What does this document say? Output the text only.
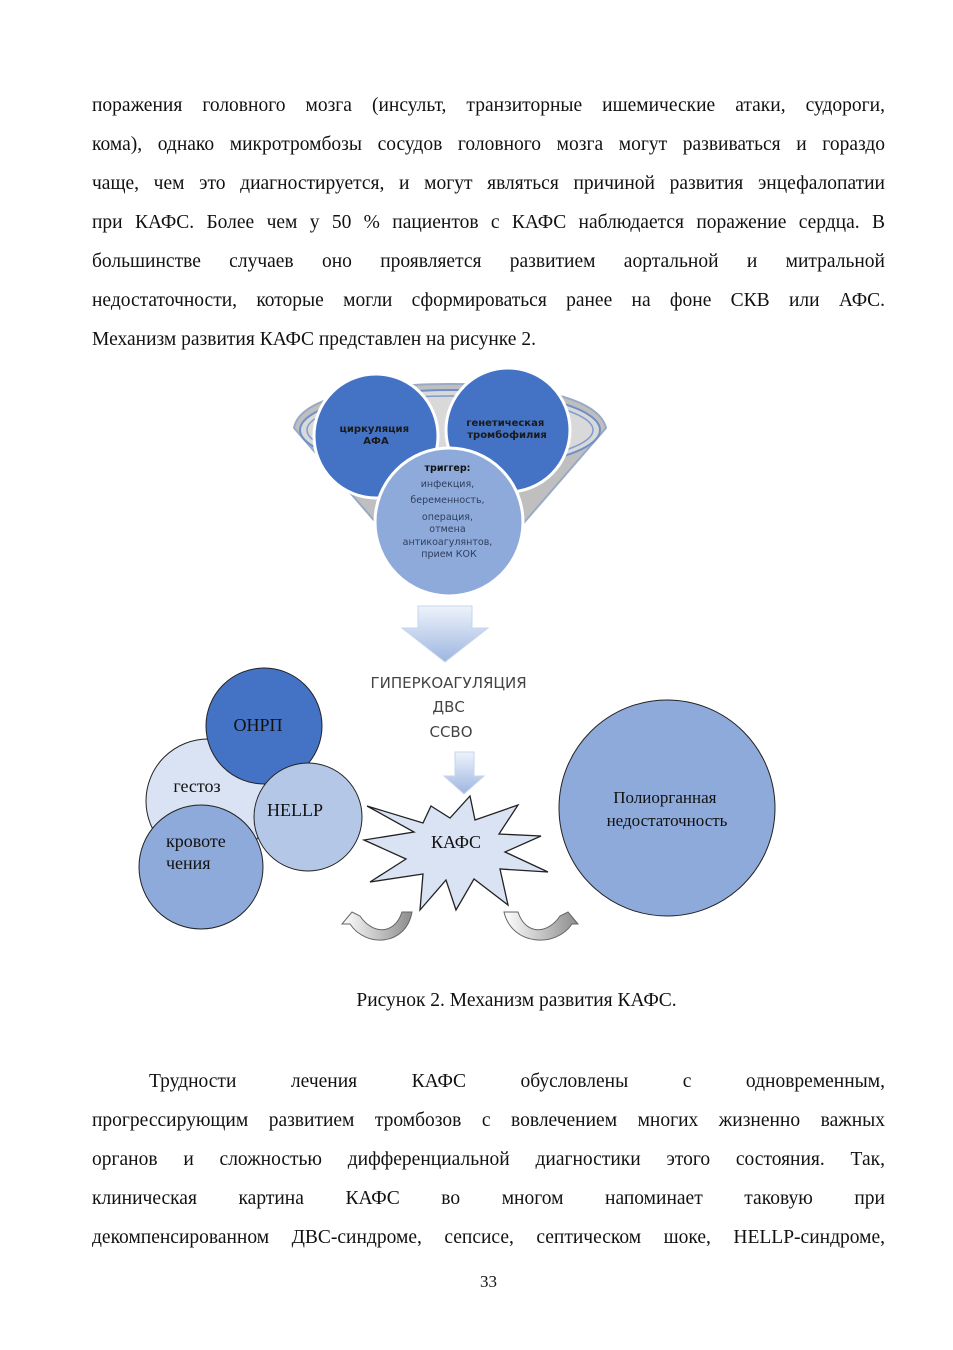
поражения головного мозга (инсульт, транзиторные ишемические атаки, судороги,
кома), однако микротромбозы сосудов головного мозга могут развиваться и гораздо
чаще, чем это диагностируется, и могут являться причиной развития энцефалопатии
при КАФС. Более чем у 50 % пациентов с КАФС наблюдается поражение сердца. В
большинстве случаев оно проявляется развитием аортальной и митральной
недостаточности, которые могли сформироваться ранее на фоне СКВ или АФС.
Механизм развития КАФС представлен на рисунке 2.
циркуляция АФА
генетическая тромбофилия
триггер: инфекция, беременность, операция, отмена антикоагулянтов, прием КОК
ГИПЕРКОАГУЛЯЦИЯ ДВС ССВО
КАФС
ОНРП
гестоз
HELLP
кровоте чения
Полиорганная недостаточность
Рисунок 2. Механизм развития КАФС.
Трудности лечения КАФС обусловлены с одновременным,
прогрессирующим развитием тромбозов с вовлечением многих жизненно важных
органов и сложностью дифференциальной диагностики этого состояния. Так,
клиническая картина КАФС во многом напоминает таковую при
декомпенсированном ДВС-синдроме, сепсисе, септическом шоке, HELLP-синдроме,
33
